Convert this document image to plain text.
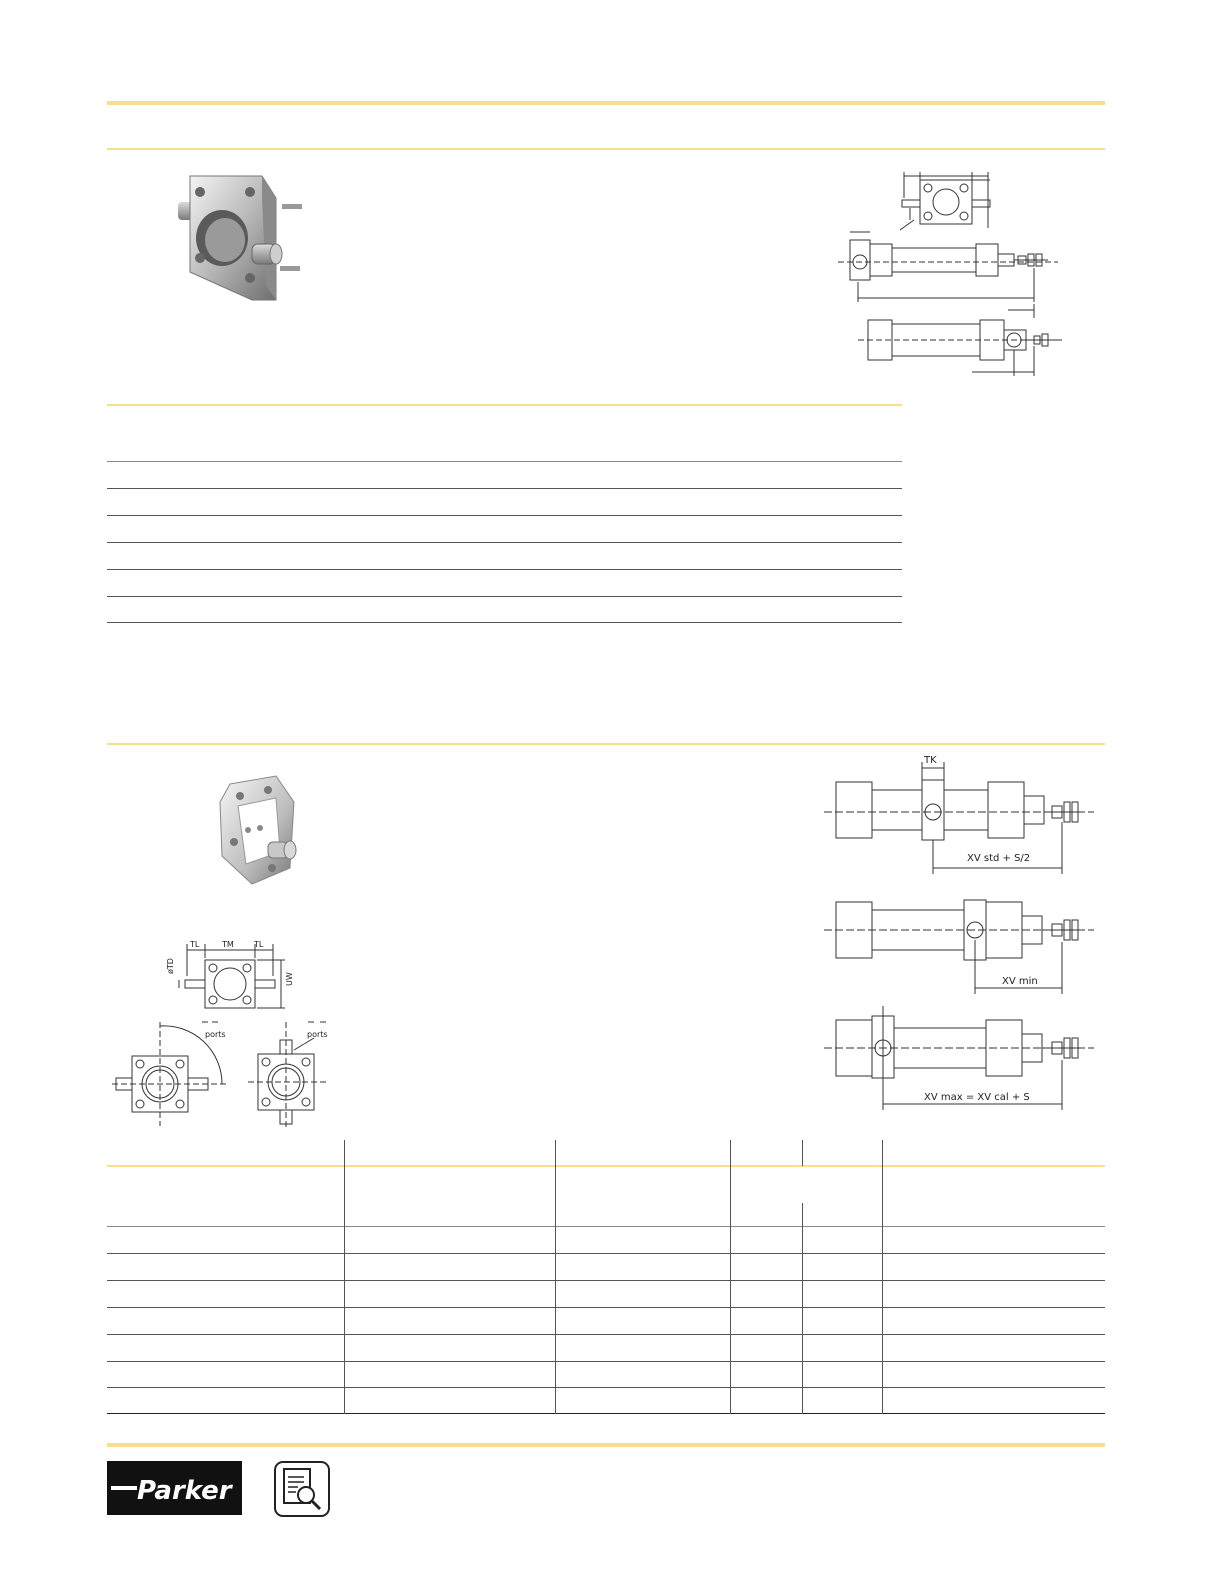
TL	TM	TL
øTD
UW
ports	ports
TK
XV std + S/2
XV min
XV max = XV cal + S
Parker
